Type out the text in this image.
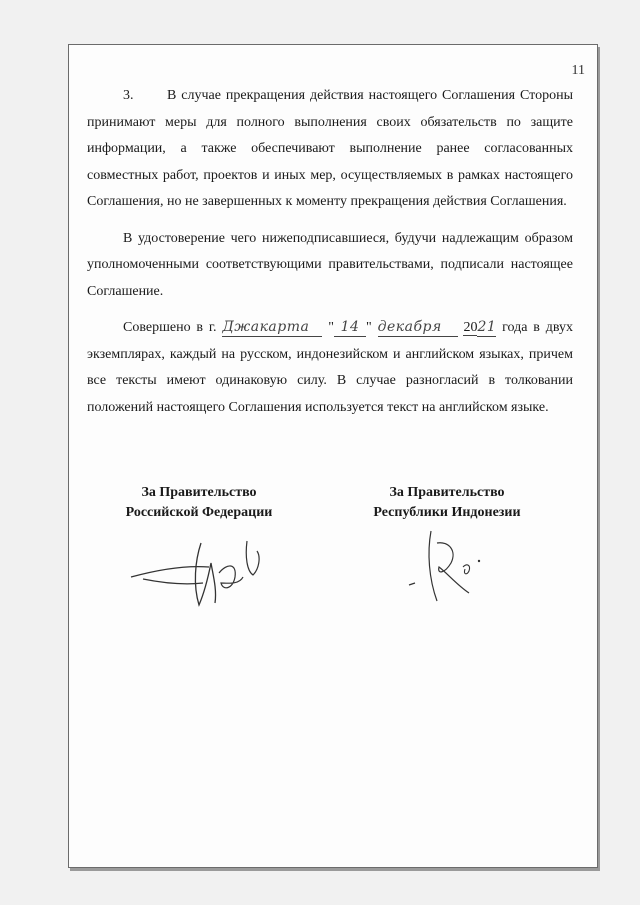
11

3. В случае прекращения действия настоящего Соглашения Стороны принимают меры для полного выполнения своих обязательств по защите информации, а также обеспечивают выполнение ранее согласованных совместных работ, проектов и иных мер, осуществляемых в рамках настоящего Соглашения, но не завершенных к моменту прекращения действия Соглашения.

В удостоверение чего нижеподписавшиеся, будучи надлежащим образом уполномоченными соответствующими правительствами, подписали настоящее Соглашение.

Совершено в г. Джакарта " 14 " декабря 2021 года в двух экземплярах, каждый на русском, индонезийском и английском языках, причем все тексты имеют одинаковую силу. В случае разногласий в толковании положений настоящего Соглашения используется текст на английском языке.

За Правительство
Российской Федерации
За Правительство
Республики Индонезии
